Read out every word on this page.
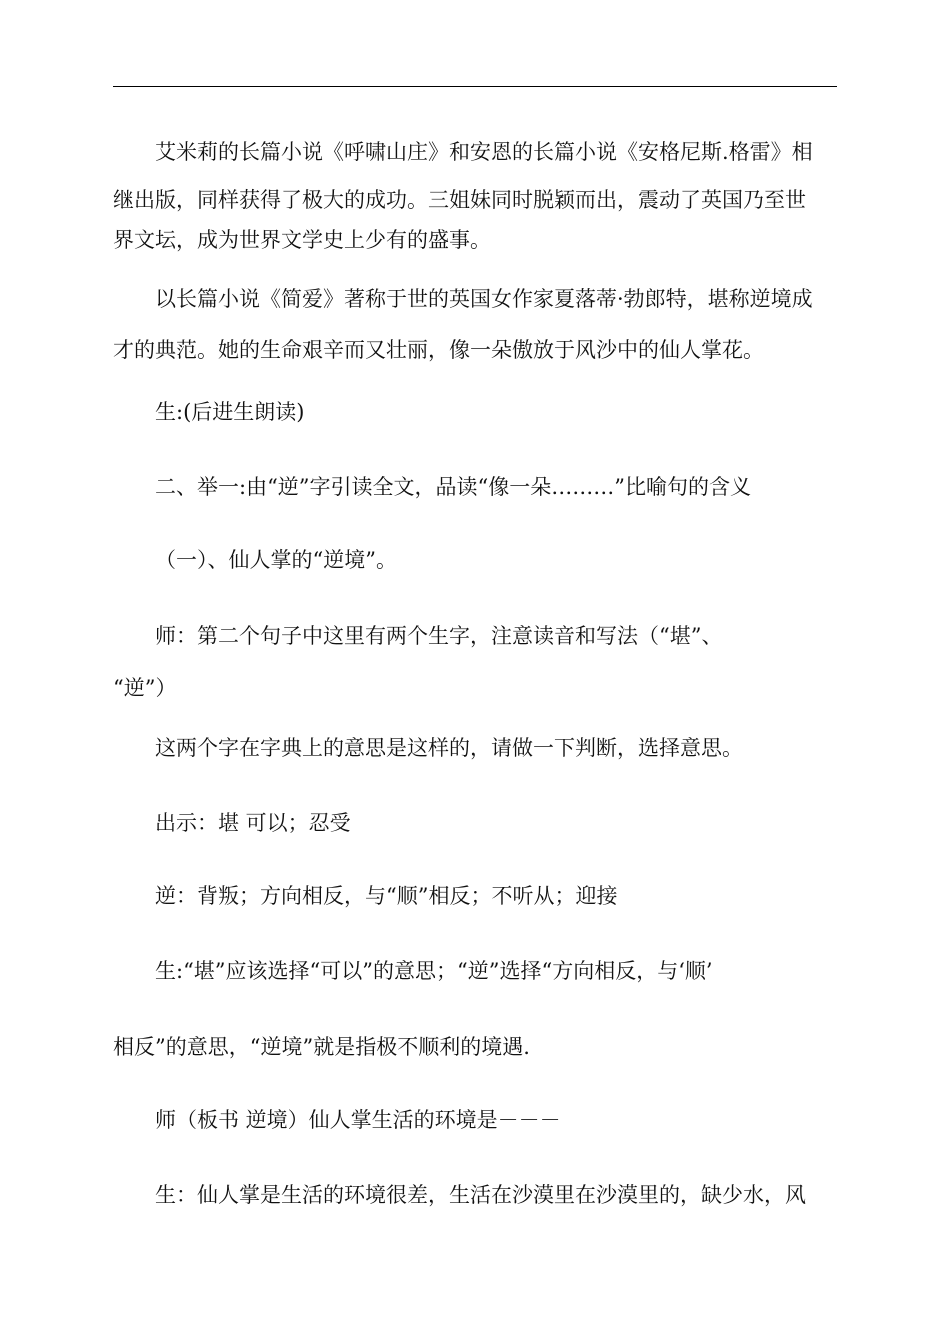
艾米莉的长篇小说《呼啸山庄》和安恩的长篇小说《安格尼斯.格雷》相
继出版，同样获得了极大的成功。三姐妹同时脱颖而出，震动了英国乃至世
界文坛，成为世界文学史上少有的盛事。
以长篇小说《简爱》著称于世的英国女作家夏落蒂·勃郎特，堪称逆境成
才的典范。她的生命艰辛而又壮丽，像一朵傲放于风沙中的仙人掌花。
生:(后进生朗读)
二、举一:由“逆”字引读全文，品读“像一朵………”比喻句的含义
（一）、仙人掌的“逆境”。
师：第二个句子中这里有两个生字，注意读音和写法（“堪”、
“逆”）
这两个字在字典上的意思是这样的，请做一下判断，选择意思。
出示：堪 可以；忍受
逆：背叛；方向相反，与“顺”相反；不听从；迎接
生:“堪”应该选择“可以”的意思；“逆”选择“方向相反，与‘顺’
相反”的意思，“逆境”就是指极不顺利的境遇.
师（板书 逆境）仙人掌生活的环境是－－－
生：仙人掌是生活的环境很差，生活在沙漠里在沙漠里的，缺少水，风
